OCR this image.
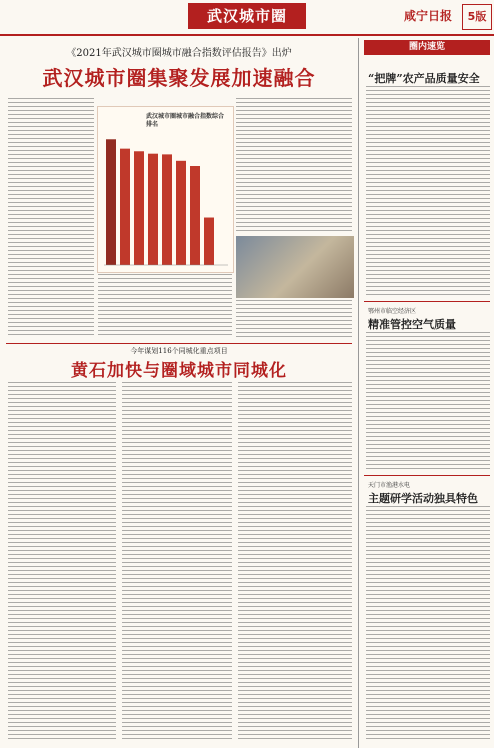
武汉城市圈	咸宁日报	5版
《2021年武汉城市圈城市融合指数评估报告》出炉
武汉城市圈集聚发展加速融合
武汉城市圈城市融合指数综合排名
今年谋划116个同城化重点项目
黄石加快与圈域城市同城化
圈内速览
“把牌”农产品质量安全
鄂州市临空经济区
精准管控空气质量
天门市渔港水电
主题研学活动独具特色
